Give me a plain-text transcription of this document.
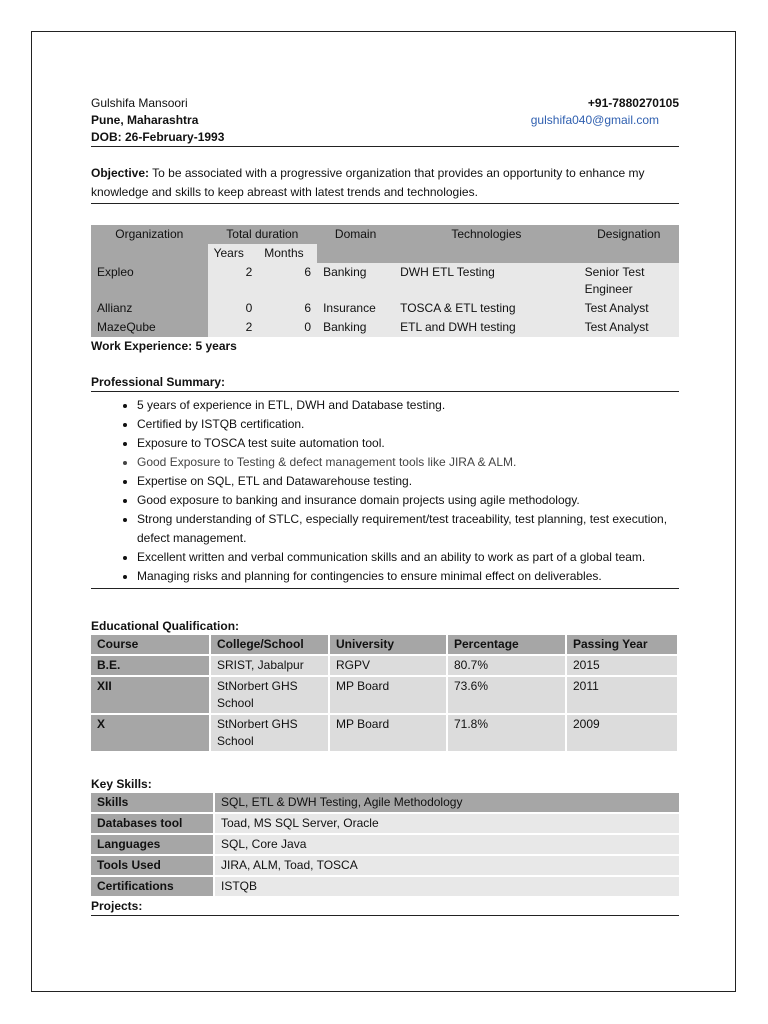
Gulshifa Mansoori	+91-7880270105
Pune, Maharashtra	gulshifa040@gmail.com
DOB: 26-February-1993
Objective: To be associated with a progressive organization that provides an opportunity to enhance my knowledge and skills to keep abreast with latest trends and technologies.
Organization	Total duration		Domain	Technologies	Designation
	Years	Months			
Expleo	2	6	Banking	DWH ETL Testing	Senior Test Engineer
Allianz	0	6	Insurance	TOSCA & ETL testing	Test Analyst
MazeQube	2	0	Banking	ETL and DWH testing	Test Analyst
Work Experience: 5 years
Professional Summary:
• 5 years of experience in ETL, DWH and Database testing.
• Certified by ISTQB certification.
• Exposure to TOSCA test suite automation tool.
• Good Exposure to Testing & defect management tools like JIRA & ALM.
• Expertise on SQL, ETL and Datawarehouse testing.
• Good exposure to banking and insurance domain projects using agile methodology.
• Strong understanding of STLC, especially requirement/test traceability, test planning, test execution, defect management.
• Excellent written and verbal communication skills and an ability to work as part of a global team.
• Managing risks and planning for contingencies to ensure minimal effect on deliverables.
Educational Qualification:
Course	College/School	University	Percentage	Passing Year
B.E.	SRIST, Jabalpur	RGPV	80.7%	2015
XII	StNorbert GHS School	MP Board	73.6%	2011
X	StNorbert GHS School	MP Board	71.8%	2009
Key Skills:
Skills	SQL, ETL & DWH Testing, Agile Methodology
Databases tool	Toad, MS SQL Server, Oracle
Languages	SQL, Core Java
Tools Used	JIRA, ALM, Toad, TOSCA
Certifications	ISTQB
Projects:
